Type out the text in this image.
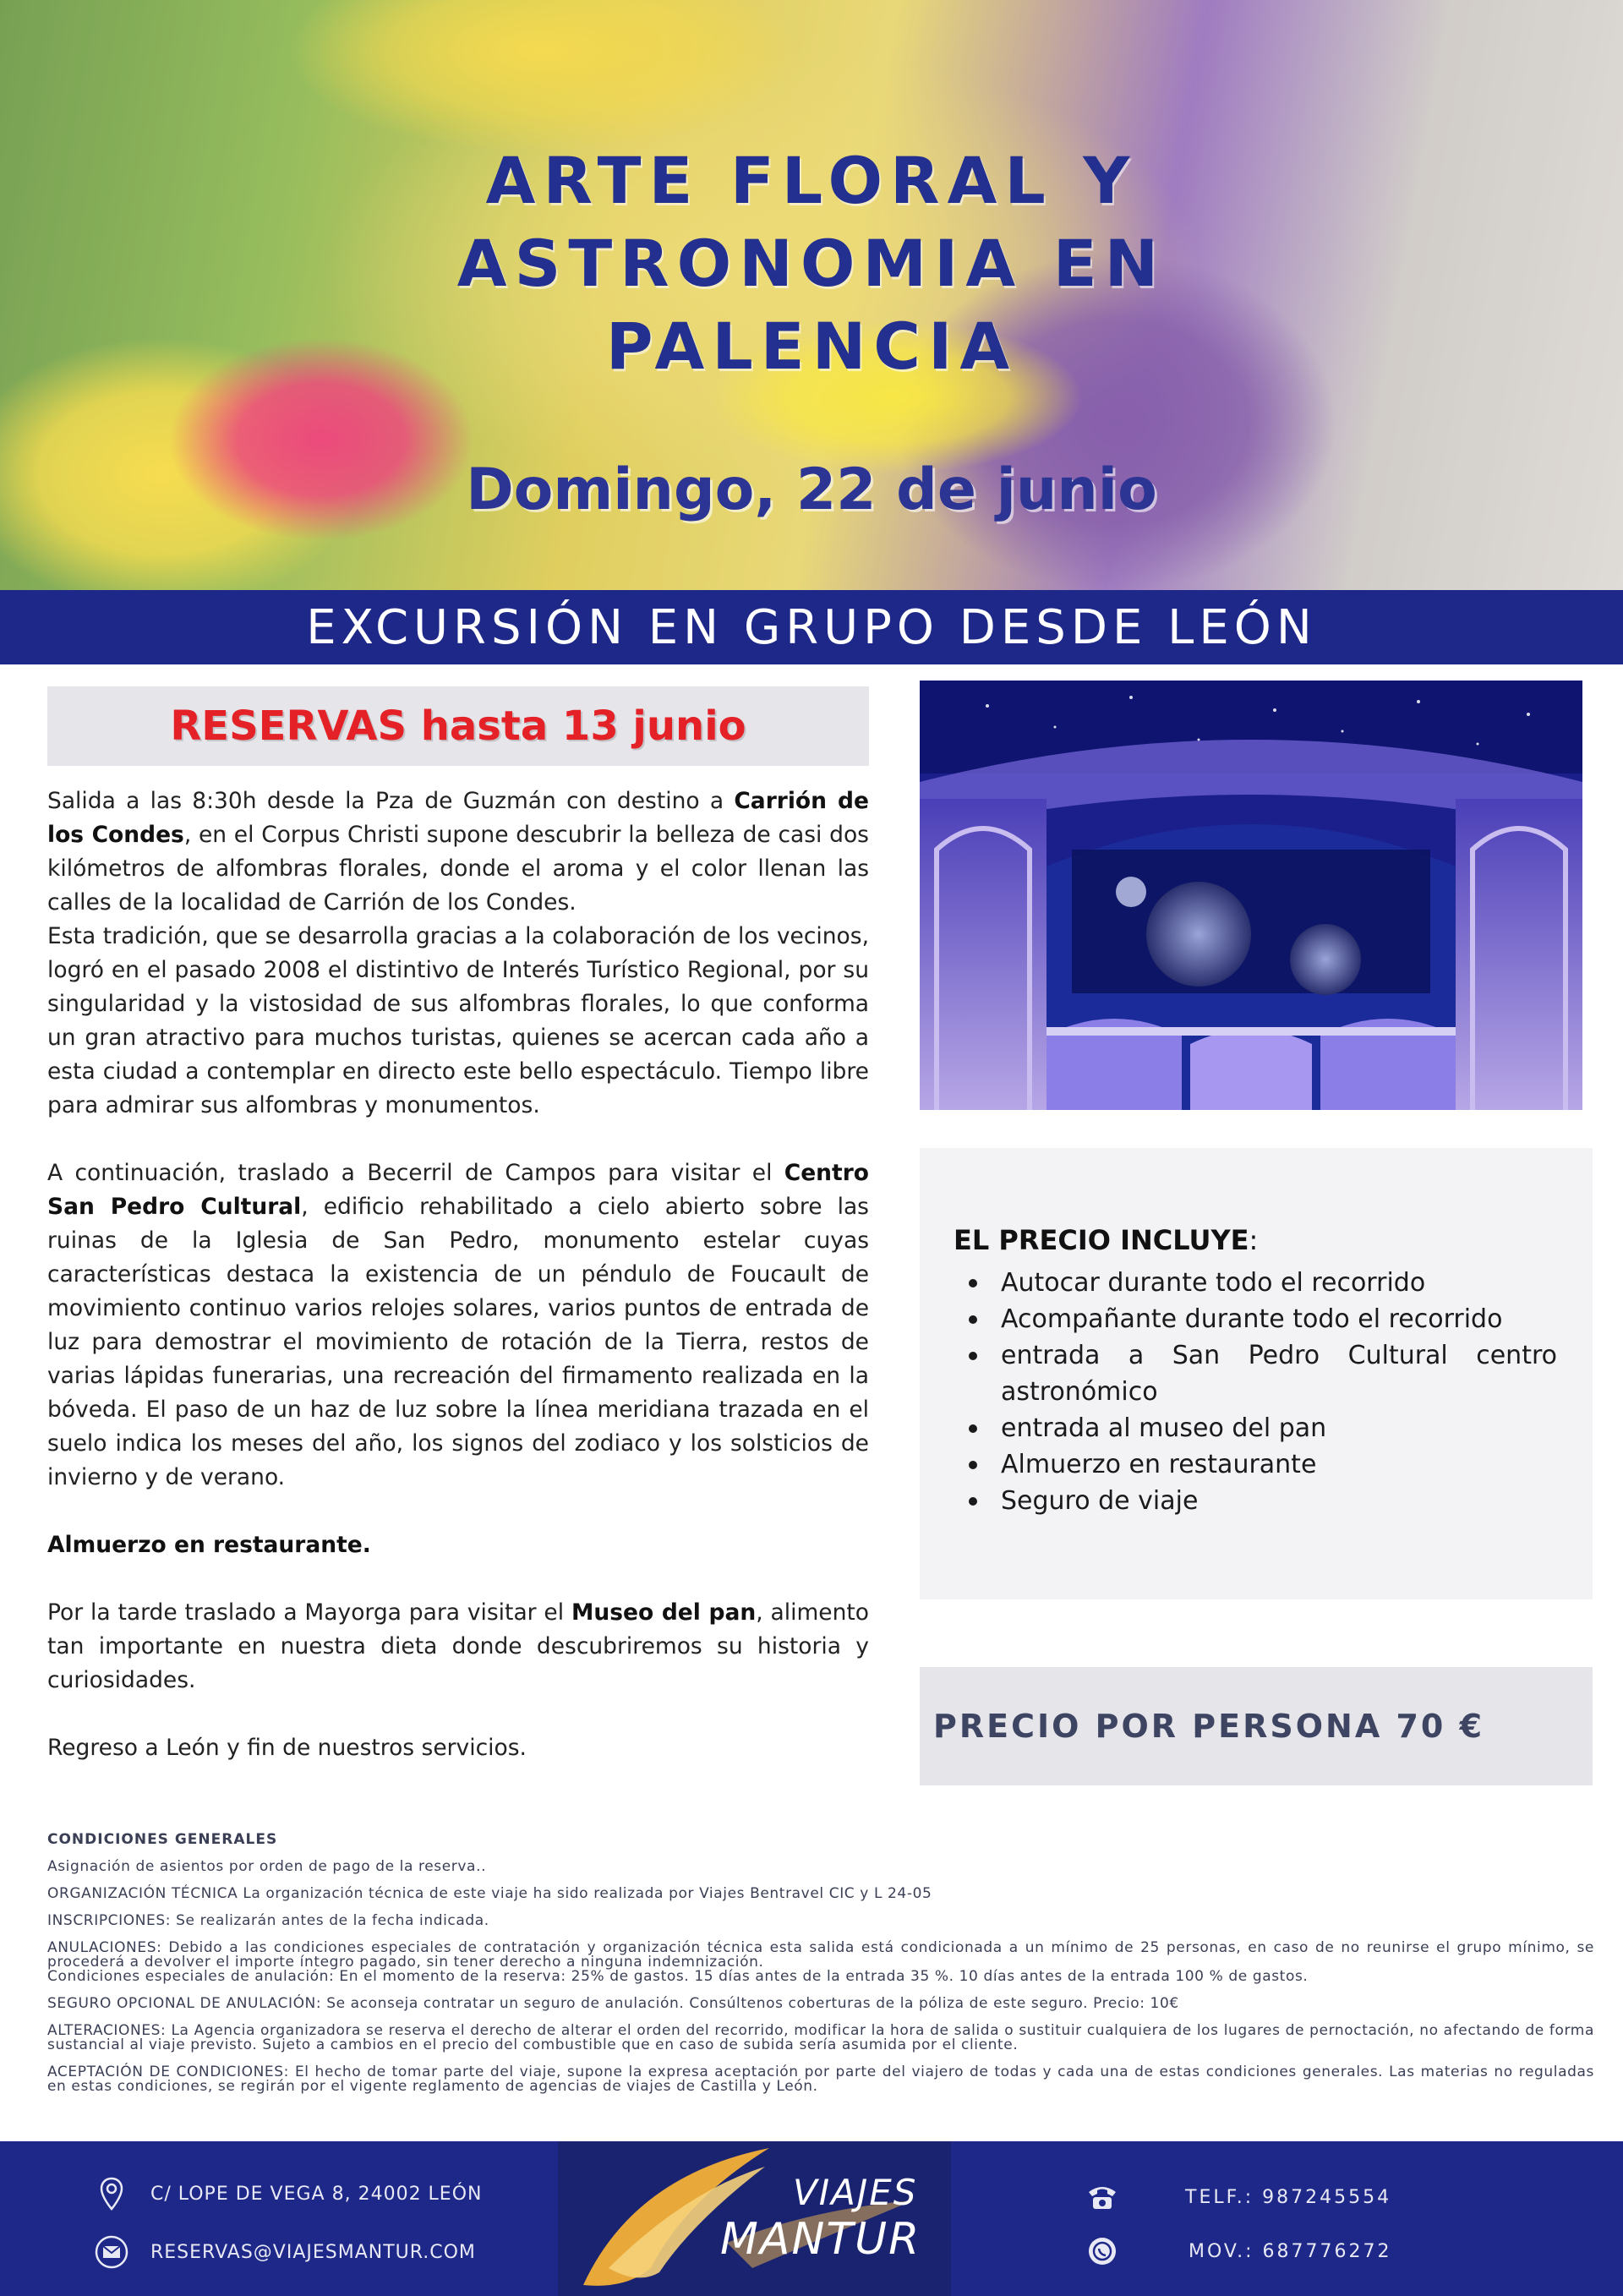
ARTE FLORAL Y ASTRONOMIA EN PALENCIA
Domingo, 22 de junio
EXCURSIÓN EN GRUPO DESDE LEÓN
RESERVAS hasta 13 junio

Salida a las 8:30h desde la Pza de Guzmán con destino a Carrión de los Condes, en el Corpus Christi supone descubrir la belleza de casi dos kilómetros de alfombras florales, donde el aroma y el color llenan las calles de la localidad de Carrión de los Condes.

Esta tradición, que se desarrolla gracias a la colaboración de los vecinos, logró en el pasado 2008 el distintivo de Interés Turístico Regional, por su singularidad y la vistosidad de sus alfombras florales, lo que conforma un gran atractivo para muchos turistas, quienes se acercan cada año a esta ciudad a contemplar en directo este bello espectáculo. Tiempo libre para admirar sus alfombras y monumentos.

A continuación, traslado a Becerril de Campos para visitar el Centro San Pedro Cultural, edificio rehabilitado a cielo abierto sobre las ruinas de la Iglesia de San Pedro, monumento estelar cuyas características destaca la existencia de un péndulo de Foucault de movimiento continuo varios relojes solares, varios puntos de entrada de luz para demostrar el movimiento de rotación de la Tierra, restos de varias lápidas funerarias, una recreación del firmamento realizada en la bóveda. El paso de un haz de luz sobre la línea meridiana trazada en el suelo indica los meses del año, los signos del zodiaco y los solsticios de invierno y de verano.

Almuerzo en restaurante.

Por la tarde traslado a Mayorga para visitar el Museo del pan, alimento tan importante en nuestra dieta donde descubriremos su historia y curiosidades.

Regreso a León y fin de nuestros servicios.

EL PRECIO INCLUYE:
Autocar durante todo el recorrido
Acompañante durante todo el recorrido
entrada a San Pedro Cultural centro astronómico
entrada al museo del pan
Almuerzo en restaurante
Seguro de viaje
PRECIO POR PERSONA 70 €
CONDICIONES GENERALES

Asignación de asientos por orden de pago de la reserva..

ORGANIZACIÓN TÉCNICA La organización técnica de este viaje ha sido realizada por Viajes Bentravel CIC y L 24-05

INSCRIPCIONES: Se realizarán antes de la fecha indicada.

ANULACIONES: Debido a las condiciones especiales de contratación y organización técnica esta salida está condicionada a un mínimo de 25 personas, en caso de no reunirse el grupo mínimo, se procederá a devolver el importe íntegro pagado, sin tener derecho a ninguna indemnización.

Condiciones especiales de anulación: En el momento de la reserva: 25% de gastos. 15 días antes de la entrada 35 %. 10 días antes de la entrada 100 % de gastos.

SEGURO OPCIONAL DE ANULACIÓN: Se aconseja contratar un seguro de anulación. Consúltenos coberturas de la póliza de este seguro. Precio: 10€

ALTERACIONES: La Agencia organizadora se reserva el derecho de alterar el orden del recorrido, modificar la hora de salida o sustituir cualquiera de los lugares de pernoctación, no afectando de forma sustancial al viaje previsto. Sujeto a cambios en el precio del combustible que en caso de subida sería asumida por el cliente.

ACEPTACIÓN DE CONDICIONES: El hecho de tomar parte del viaje, supone la expresa aceptación por parte del viajero de todas y cada una de estas condiciones generales. Las materias no reguladas en estas condiciones, se regirán por el vigente reglamento de agencias de viajes de Castilla y León.

C/ LOPE DE VEGA 8, 24002 LEÓN
RESERVAS@VIAJESMANTUR.COM
VIAJES
MANTUR
TELF.: 987245554
MOV.: 687776272
